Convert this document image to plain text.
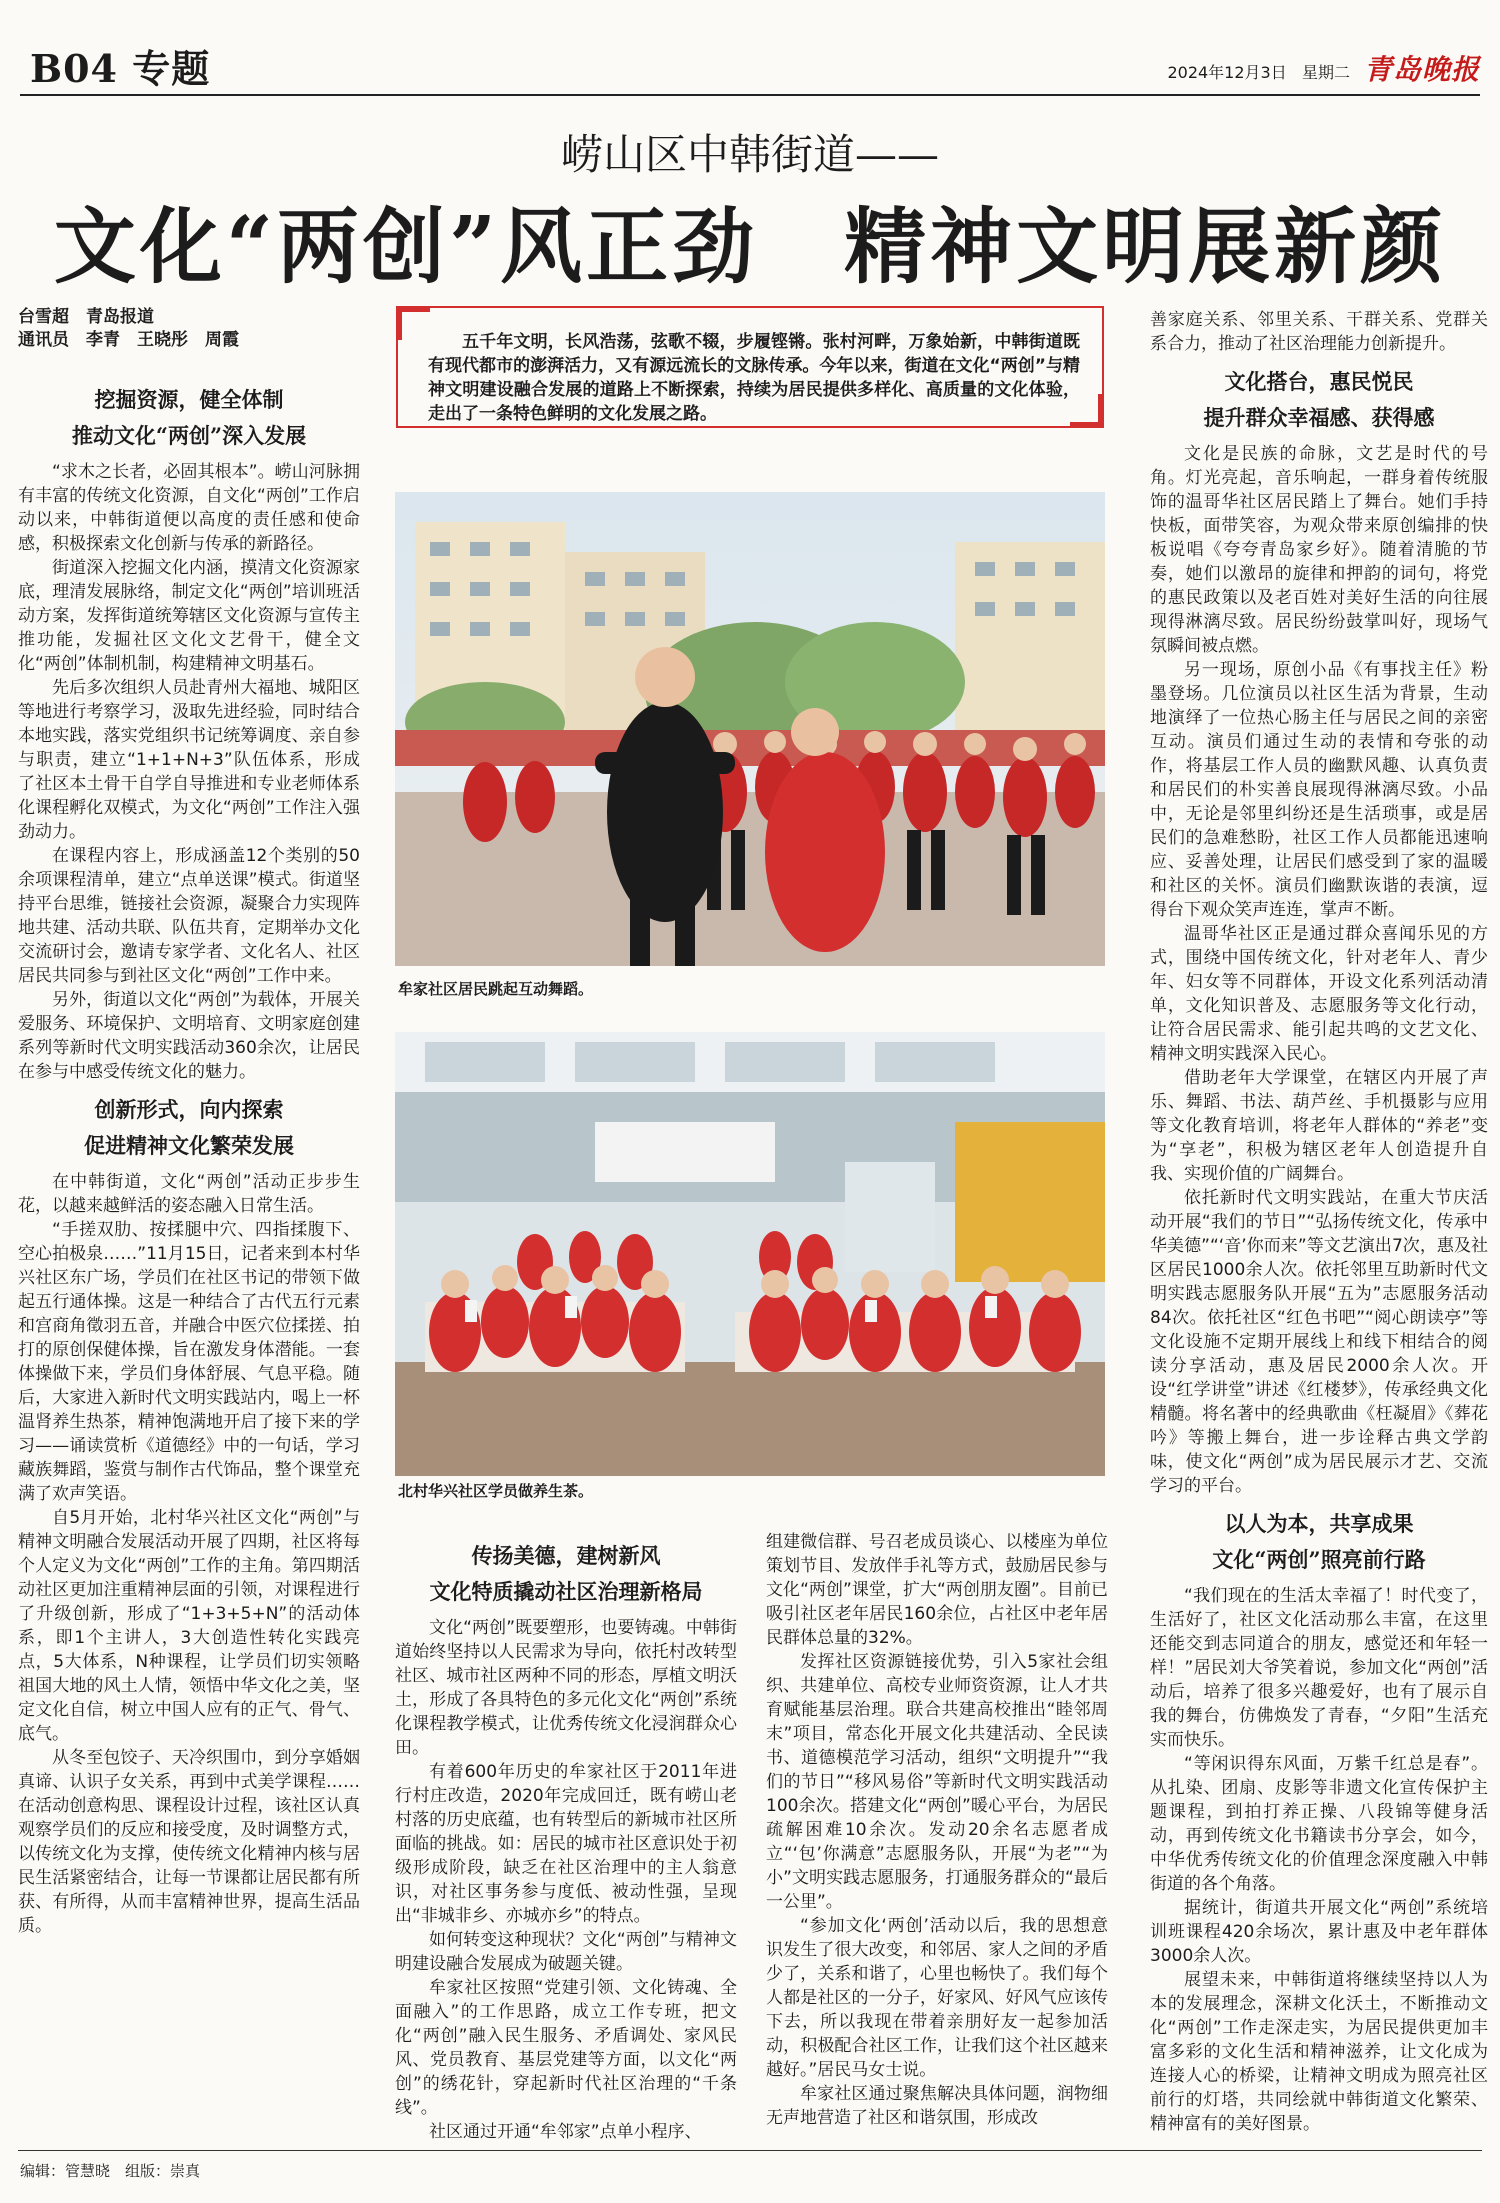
B04 专题	2024年12月3日 星期二 青岛晚报
崂山区中韩街道——
文化“两创”风正劲　精神文明展新颜
台雪超　青岛报道
通讯员　李青　王晓彤　周霞
挖掘资源，健全体制
推动文化“两创”深入发展

“求木之长者，必固其根本”。崂山河脉拥有丰富的传统文化资源，自文化“两创”工作启动以来，中韩街道便以高度的责任感和使命感，积极探索文化创新与传承的新路径。

街道深入挖掘文化内涵，摸清文化资源家底，理清发展脉络，制定文化“两创”培训班活动方案，发挥街道统筹辖区文化资源与宣传主推功能，发掘社区文化文艺骨干，健全文化“两创”体制机制，构建精神文明基石。

先后多次组织人员赴青州大福地、城阳区等地进行考察学习，汲取先进经验，同时结合本地实践，落实党组织书记统筹调度、亲自参与职责，建立“1+1+N+3”队伍体系，形成了社区本土骨干自学自导推进和专业老师体系化课程孵化双模式，为文化“两创”工作注入强劲动力。

在课程内容上，形成涵盖12个类别的50余项课程清单，建立“点单送课”模式。街道坚持平台思维，链接社会资源，凝聚合力实现阵地共建、活动共联、队伍共育，定期举办文化交流研讨会，邀请专家学者、文化名人、社区居民共同参与到社区文化“两创”工作中来。

另外，街道以文化“两创”为载体，开展关爱服务、环境保护、文明培育、文明家庭创建系列等新时代文明实践活动360余次，让居民在参与中感受传统文化的魅力。

创新形式，向内探索
促进精神文化繁荣发展

在中韩街道，文化“两创”活动正步步生花，以越来越鲜活的姿态融入日常生活。

“手搓双肋、按揉腿中穴、四指揉腹下、空心拍极泉……”11月15日，记者来到本村华兴社区东广场，学员们在社区书记的带领下做起五行通体操。这是一种结合了古代五行元素和宫商角徵羽五音，并融合中医穴位揉搓、拍打的原创保健体操，旨在激发身体潜能。一套体操做下来，学员们身体舒展、气息平稳。随后，大家进入新时代文明实践站内，喝上一杯温肾养生热茶，精神饱满地开启了接下来的学习——诵读赏析《道德经》中的一句话，学习藏族舞蹈，鉴赏与制作古代饰品，整个课堂充满了欢声笑语。

自5月开始，北村华兴社区文化“两创”与精神文明融合发展活动开展了四期，社区将每个人定义为文化“两创”工作的主角。第四期活动社区更加注重精神层面的引领，对课程进行了升级创新，形成了“1+3+5+N”的活动体系，即1个主讲人，3大创造性转化实践亮点，5大体系，N种课程，让学员们切实领略祖国大地的风土人情，领悟中华文化之美，坚定文化自信，树立中国人应有的正气、骨气、底气。

从冬至包饺子、天冷织围巾，到分享婚姻真谛、认识子女关系，再到中式美学课程……在活动创意构思、课程设计过程，该社区认真观察学员们的反应和接受度，及时调整方式，以传统文化为支撑，使传统文化精神内核与居民生活紧密结合，让每一节课都让居民都有所获、有所得，从而丰富精神世界，提高生活品质。

五千年文明，长风浩荡，弦歌不辍，步履铿锵。张村河畔，万象始新，中韩街道既有现代都市的澎湃活力，又有源远流长的文脉传承。今年以来，街道在文化“两创”与精神文明建设融合发展的道路上不断探索，持续为居民提供多样化、高质量的文化体验，走出了一条特色鲜明的文化发展之路。
牟家社区居民跳起互动舞蹈。
北村华兴社区学员做养生茶。
传扬美德，建树新风
文化特质撬动社区治理新格局

文化“两创”既要塑形，也要铸魂。中韩街道始终坚持以人民需求为导向，依托村改转型社区、城市社区两种不同的形态，厚植文明沃土，形成了各具特色的多元化文化“两创”系统化课程教学模式，让优秀传统文化浸润群众心田。

有着600年历史的牟家社区于2011年进行村庄改造，2020年完成回迁，既有崂山老村落的历史底蕴，也有转型后的新城市社区所面临的挑战。如：居民的城市社区意识处于初级形成阶段，缺乏在社区治理中的主人翁意识，对社区事务参与度低、被动性强，呈现出“非城非乡、亦城亦乡”的特点。

如何转变这种现状？文化“两创”与精神文明建设融合发展成为破题关键。

牟家社区按照“党建引领、文化铸魂、全面融入”的工作思路，成立工作专班，把文化“两创”融入民生服务、矛盾调处、家风民风、党员教育、基层党建等方面，以文化“两创”的绣花针，穿起新时代社区治理的“千条线”。

社区通过开通“牟邻家”点单小程序、

组建微信群、号召老成员谈心、以楼座为单位策划节目、发放伴手礼等方式，鼓励居民参与文化“两创”课堂，扩大“两创朋友圈”。目前已吸引社区老年居民160余位，占社区中老年居民群体总量的32%。

发挥社区资源链接优势，引入5家社会组织、共建单位、高校专业师资资源，让人才共育赋能基层治理。联合共建高校推出“睦邻周末”项目，常态化开展文化共建活动、全民读书、道德模范学习活动，组织“文明提升”“我们的节日”“移风易俗”等新时代文明实践活动100余次。搭建文化“两创”暖心平台，为居民疏解困难10余次。发动20余名志愿者成立“‘包’你满意”志愿服务队，开展“为老”“为小”文明实践志愿服务，打通服务群众的“最后一公里”。

“参加文化‘两创’活动以后，我的思想意识发生了很大改变，和邻居、家人之间的矛盾少了，关系和谐了，心里也畅快了。我们每个人都是社区的一分子，好家风、好风气应该传下去，所以我现在带着亲朋好友一起参加活动，积极配合社区工作，让我们这个社区越来越好。”居民马女士说。

牟家社区通过聚焦解决具体问题，润物细无声地营造了社区和谐氛围，形成改

善家庭关系、邻里关系、干群关系、党群关系合力，推动了社区治理能力创新提升。

文化搭台，惠民悦民
提升群众幸福感、获得感

文化是民族的命脉，文艺是时代的号角。灯光亮起，音乐响起，一群身着传统服饰的温哥华社区居民踏上了舞台。她们手持快板，面带笑容，为观众带来原创编排的快板说唱《夸夸青岛家乡好》。随着清脆的节奏，她们以激昂的旋律和押韵的词句，将党的惠民政策以及老百姓对美好生活的向往展现得淋漓尽致。居民纷纷鼓掌叫好，现场气氛瞬间被点燃。

另一现场，原创小品《有事找主任》粉墨登场。几位演员以社区生活为背景，生动地演绎了一位热心肠主任与居民之间的亲密互动。演员们通过生动的表情和夸张的动作，将基层工作人员的幽默风趣、认真负责和居民们的朴实善良展现得淋漓尽致。小品中，无论是邻里纠纷还是生活琐事，或是居民们的急难愁盼，社区工作人员都能迅速响应、妥善处理，让居民们感受到了家的温暖和社区的关怀。演员们幽默诙谐的表演，逗得台下观众笑声连连，掌声不断。

温哥华社区正是通过群众喜闻乐见的方式，围绕中国传统文化，针对老年人、青少年、妇女等不同群体，开设文化系列活动清单，文化知识普及、志愿服务等文化行动，让符合居民需求、能引起共鸣的文艺文化、精神文明实践深入民心。

借助老年大学课堂，在辖区内开展了声乐、舞蹈、书法、葫芦丝、手机摄影与应用等文化教育培训，将老年人群体的“养老”变为“享老”，积极为辖区老年人创造提升自我、实现价值的广阔舞台。

依托新时代文明实践站，在重大节庆活动开展“我们的节日”“弘扬传统文化，传承中华美德”“‘音’你而来”等文艺演出7次，惠及社区居民1000余人次。依托邻里互助新时代文明实践志愿服务队开展“五为”志愿服务活动84次。依托社区“红色书吧”“阅心朗读亭”等文化设施不定期开展线上和线下相结合的阅读分享活动，惠及居民2000余人次。开设“红学讲堂”讲述《红楼梦》，传承经典文化精髓。将名著中的经典歌曲《枉凝眉》《葬花吟》等搬上舞台，进一步诠释古典文学韵味，使文化“两创”成为居民展示才艺、交流学习的平台。

以人为本，共享成果
文化“两创”照亮前行路

“我们现在的生活太幸福了！时代变了，生活好了，社区文化活动那么丰富，在这里还能交到志同道合的朋友，感觉还和年轻一样！”居民刘大爷笑着说，参加文化“两创”活动后，培养了很多兴趣爱好，也有了展示自我的舞台，仿佛焕发了青春，“夕阳”生活充实而快乐。

“等闲识得东风面，万紫千红总是春”。从扎染、团扇、皮影等非遗文化宣传保护主题课程，到拍打养正操、八段锦等健身活动，再到传统文化书籍读书分享会，如今，中华优秀传统文化的价值理念深度融入中韩街道的各个角落。

据统计，街道共开展文化“两创”系统培训班课程420余场次，累计惠及中老年群体3000余人次。

展望未来，中韩街道将继续坚持以人为本的发展理念，深耕文化沃土，不断推动文化“两创”工作走深走实，为居民提供更加丰富多彩的文化生活和精神滋养，让文化成为连接人心的桥梁，让精神文明成为照亮社区前行的灯塔，共同绘就中韩街道文化繁荣、精神富有的美好图景。

编辑：管慧晓　组版：崇真
